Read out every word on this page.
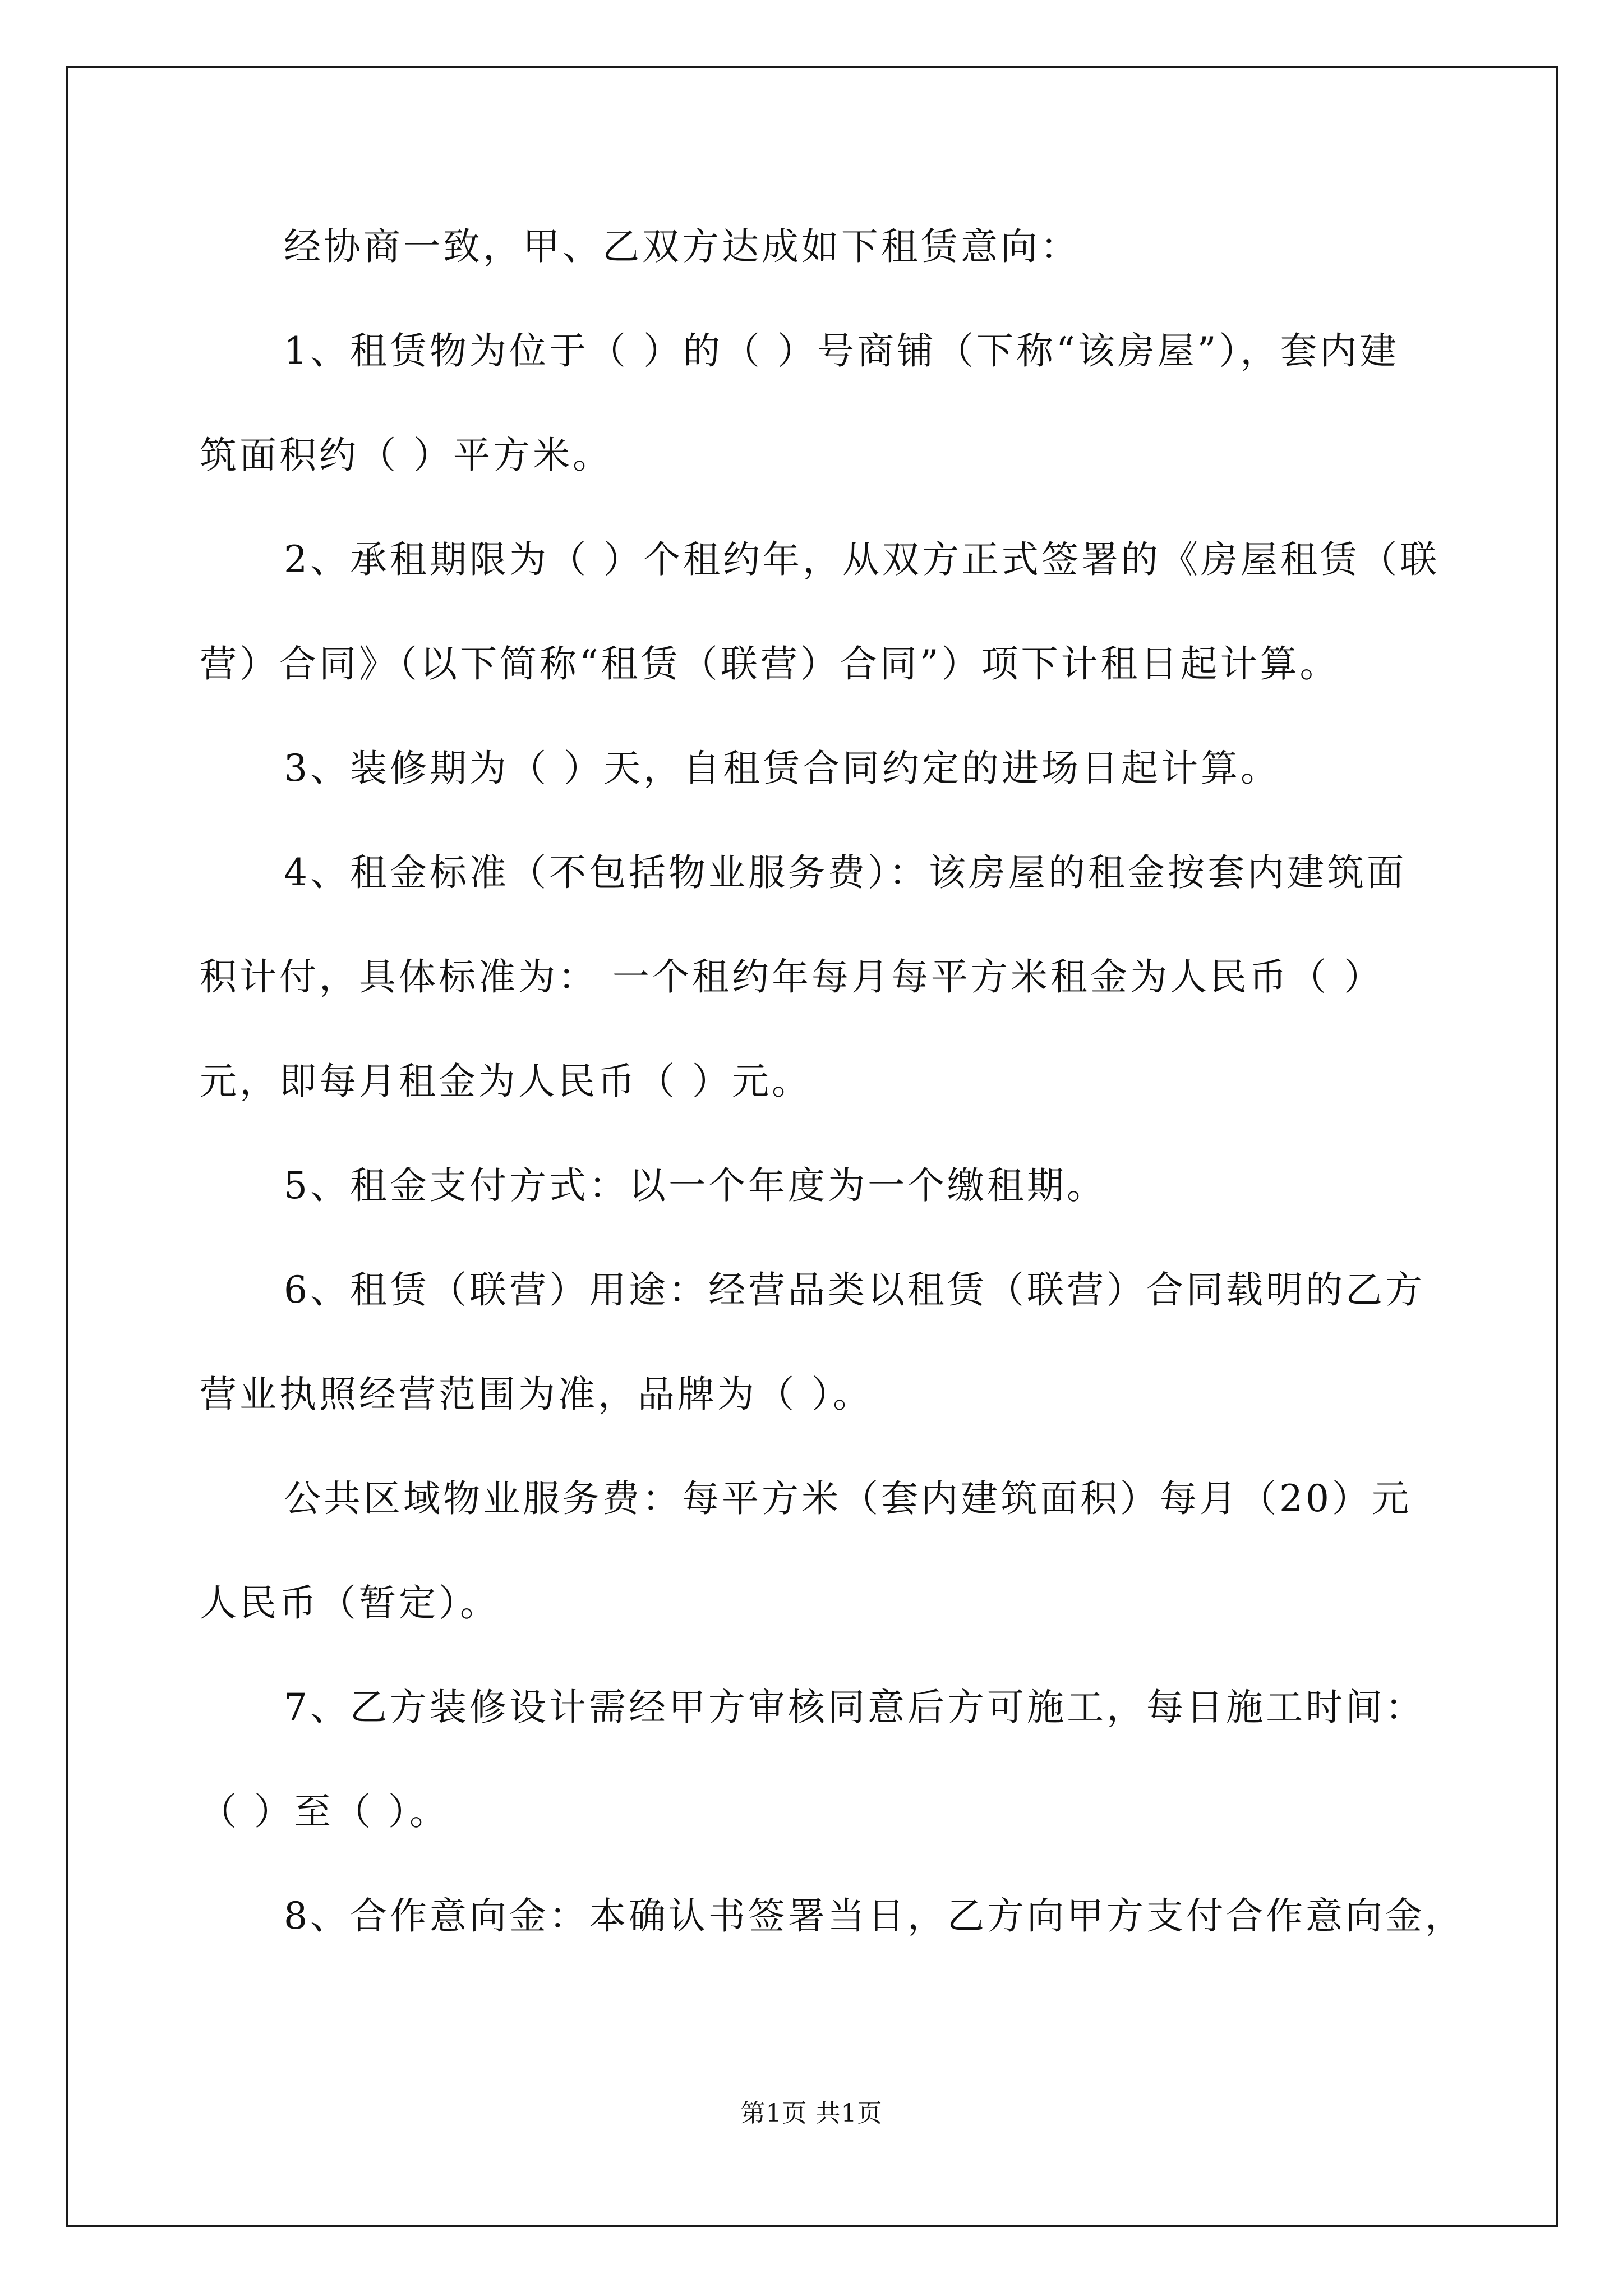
经协商一致，甲、乙双方达成如下租赁意向：
1、租赁物为位于（ ）的（ ）号商铺（下称“该房屋”），套内建
筑面积约（ ）平方米。
2、承租期限为（ ）个租约年，从双方正式签署的《房屋租赁（联
营）合同》（以下简称“租赁（联营）合同”）项下计租日起计算。
3、装修期为（ ）天，自租赁合同约定的进场日起计算。
4、租金标准（不包括物业服务费）：该房屋的租金按套内建筑面
积计付，具体标准为： 一个租约年每月每平方米租金为人民币（ ）
元，即每月租金为人民币（ ）元。
5、租金支付方式：以一个年度为一个缴租期。
6、租赁（联营）用途：经营品类以租赁（联营）合同载明的乙方
营业执照经营范围为准，品牌为（ ）。
公共区域物业服务费：每平方米（套内建筑面积）每月（20）元
人民币（暂定）。
7、乙方装修设计需经甲方审核同意后方可施工，每日施工时间：
（ ）至（ ）。
8、合作意向金：本确认书签署当日，乙方向甲方支付合作意向金，
第1页 共1页
